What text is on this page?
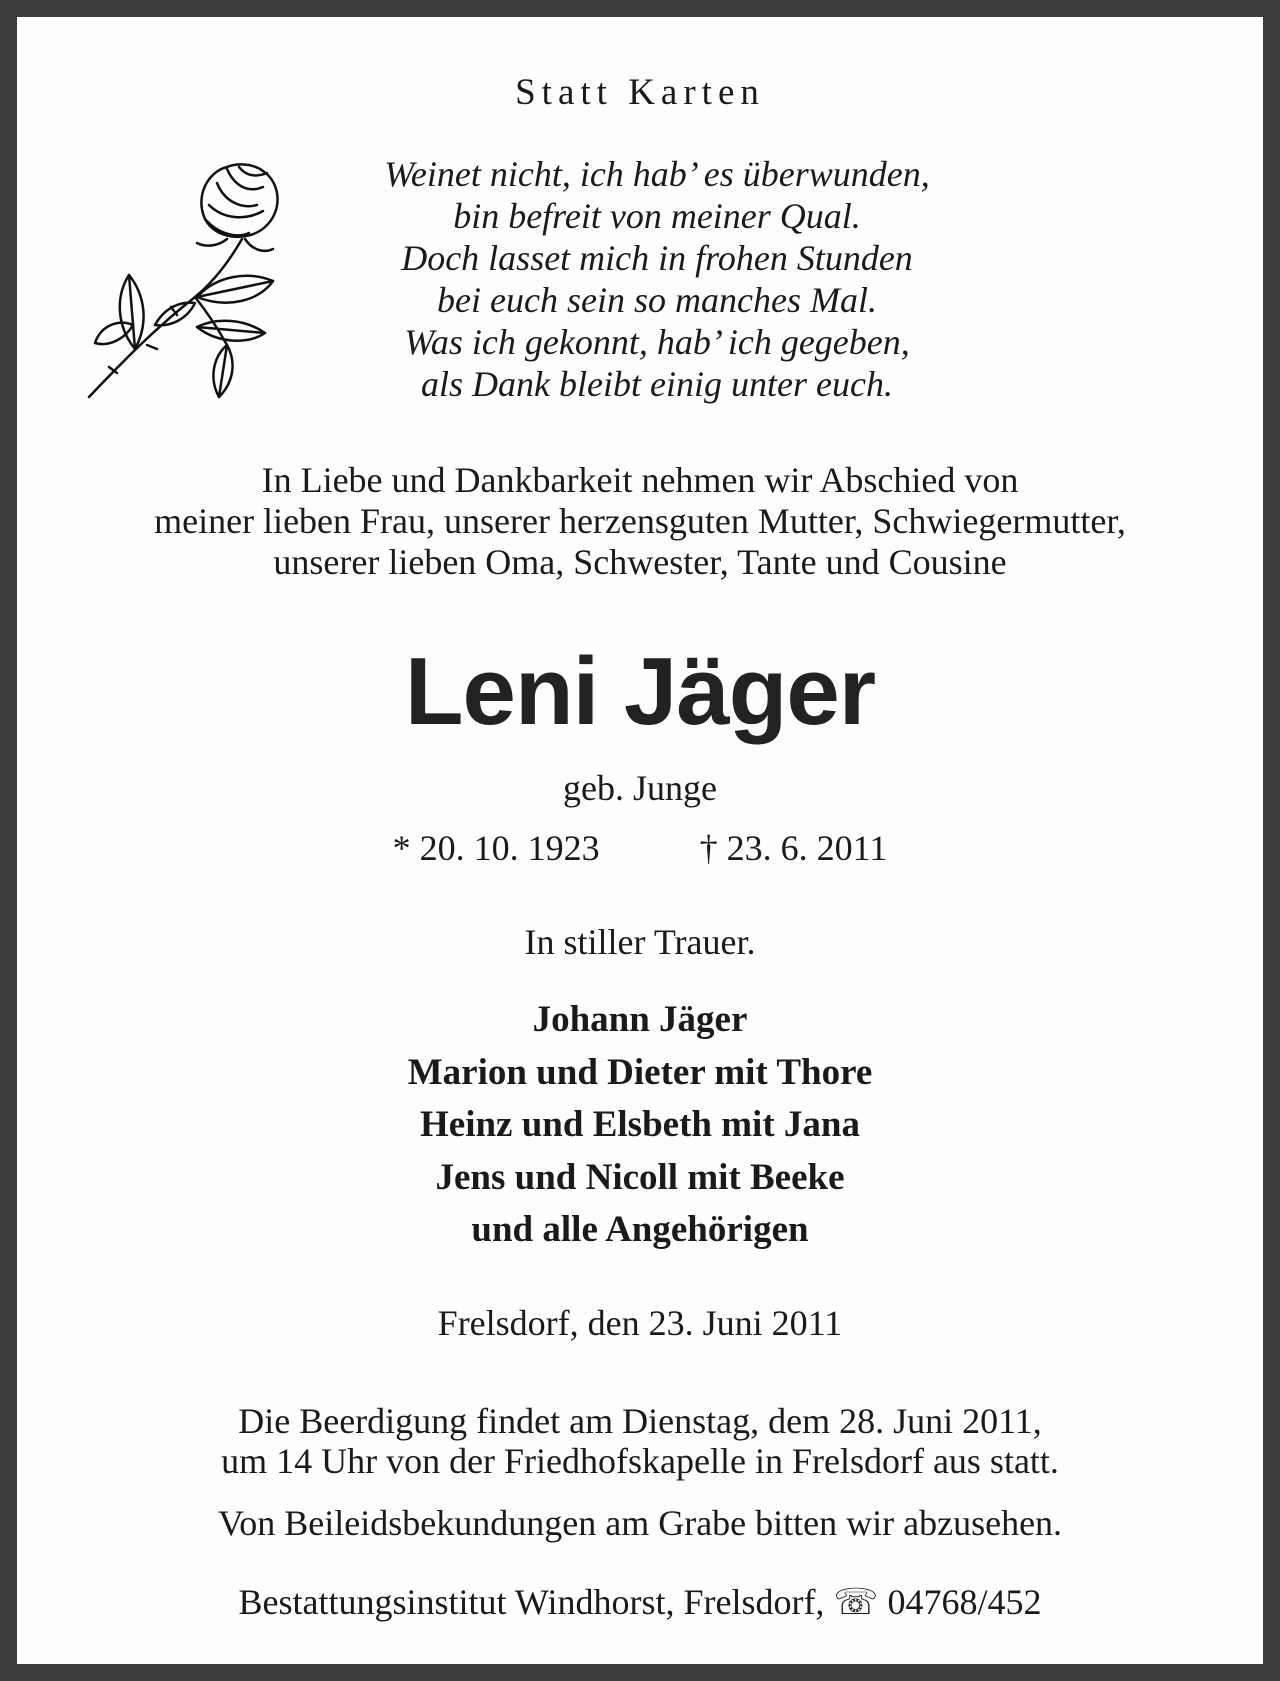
Statt Karten
Weinet nicht, ich hab’ es überwunden,
bin befreit von meiner Qual.
Doch lasset mich in frohen Stunden
bei euch sein so manches Mal.
Was ich gekonnt, hab’ ich gegeben,
als Dank bleibt einig unter euch.
In Liebe und Dankbarkeit nehmen wir Abschied von
meiner lieben Frau, unserer herzensguten Mutter, Schwiegermutter,
unserer lieben Oma, Schwester, Tante und Cousine
Leni Jäger
geb. Junge
* 20. 10. 1923	† 23. 6. 2011
In stiller Trauer.
Johann Jäger
Marion und Dieter mit Thore
Heinz und Elsbeth mit Jana
Jens und Nicoll mit Beeke
und alle Angehörigen
Frelsdorf, den 23. Juni 2011
Die Beerdigung findet am Dienstag, dem 28. Juni 2011,
um 14 Uhr von der Friedhofskapelle in Frelsdorf aus statt.
Von Beileidsbekundungen am Grabe bitten wir abzusehen.
Bestattungsinstitut Windhorst, Frelsdorf, ☏ 04768/452
